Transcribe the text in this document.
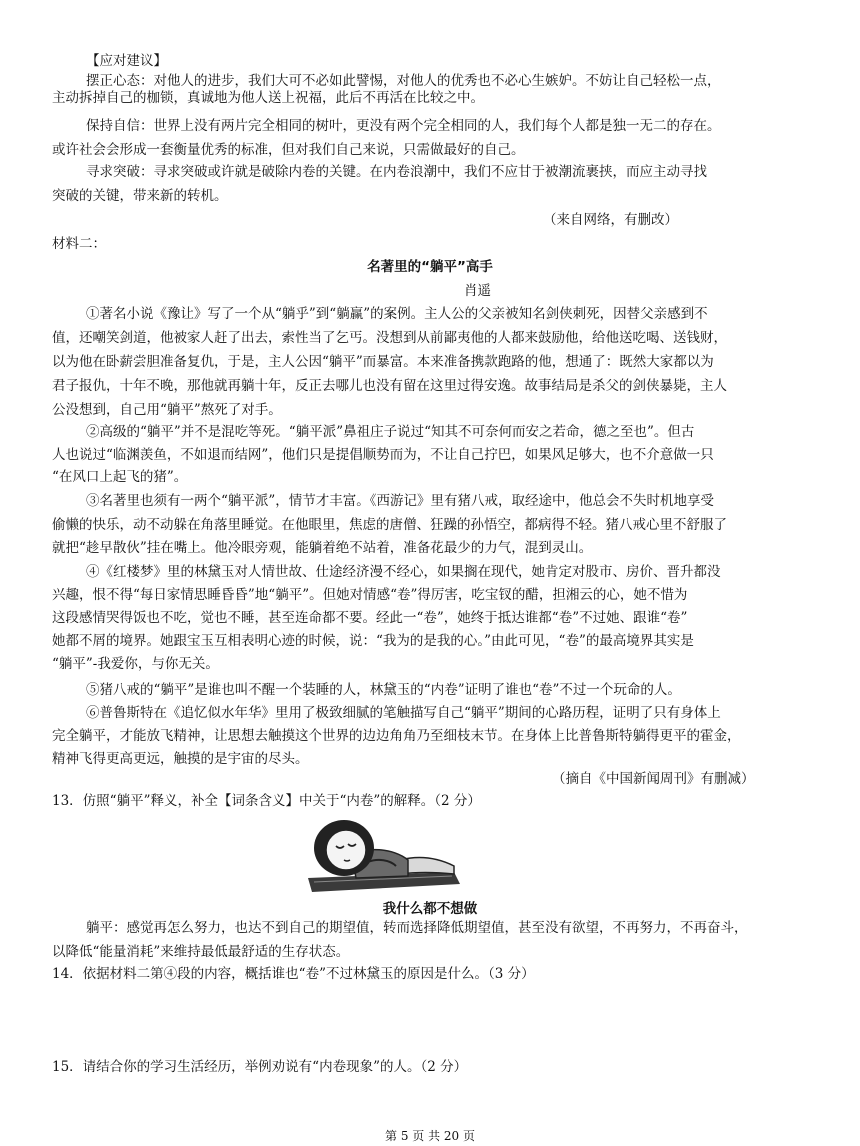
【应对建议】
摆正心态：对他人的进步，我们大可不必如此譬惕，对他人的优秀也不必心生嫉妒。不妨让自己轻松一点，
主动拆掉自己的枷锁，真诚地为他人送上祝福，此后不再活在比较之中。
保持自信：世界上没有两片完全相同的树叶，更没有两个完全相同的人，我们每个人都是独一无二的存在。
或许社会会形成一套衡量优秀的标准，但对我们自己来说，只需做最好的自己。
寻求突破：寻求突破或许就是破除内卷的关键。在内卷浪潮中，我们不应甘于被潮流裹挟，而应主动寻找
突破的关键，带来新的转机。
（来自网络，有删改）
材料二：
名著里的“躺平”高手
肖遥
①著名小说《豫让》写了一个从“躺乎”到“躺赢”的案例。主人公的父亲被知名剑侠刺死，因替父亲感到不
值，还嘲笑剑道，他被家人赶了出去，索性当了乞丐。没想到从前鄙夷他的人都来鼓励他，给他送吃喝、送钱财，
以为他在卧薪尝胆准备复仇，于是，主人公因“躺平”而暴富。本来准备携款跑路的他，想通了：既然大家都以为
君子报仇，十年不晚，那他就再躺十年，反正去哪儿也没有留在这里过得安逸。故事结局是杀父的剑侠暴毙，主人
公没想到，自己用“躺平”熬死了对手。
②高级的“躺平”并不是混吃等死。“躺平派”鼻祖庄子说过“知其不可奈何而安之若命，德之至也”。但古
人也说过“临渊羡鱼，不如退而结网”，他们只是提倡顺势而为，不让自己拧巴，如果风足够大，也不介意做一只
“在风口上起飞的猪”。
③名著里也须有一两个“躺平派”，情节才丰富。《西游记》里有猪八戒，取经途中，他总会不失时机地享受
偷懒的快乐，动不动躲在角落里睡觉。在他眼里，焦虑的唐僧、狂躁的孙悟空，都病得不轻。猪八戒心里不舒服了
就把“趁早散伙”挂在嘴上。他冷眼旁观，能躺着绝不站着，准备花最少的力气，混到灵山。
④《红楼梦》里的林黛玉对人情世故、仕途经济漫不经心，如果搁在现代，她肯定对股市、房价、晋升都没
兴趣，恨不得“每日家情思睡昏昏”地“躺平”。但她对情感“卷”得厉害，吃宝钗的醋，担湘云的心，她不惜为
这段感情哭得饭也不吃，觉也不睡，甚至连命都不要。经此一“卷”，她终于抵达谁都“卷”不过她、跟谁“卷”
她都不屑的境界。她跟宝玉互相表明心迹的时候，说：“我为的是我的心。”由此可见，“卷”的最高境界其实是
“躺平”-我爱你，与你无关。
⑤猪八戒的“躺平”是谁也叫不醒一个装睡的人，林黛玉的“内卷”证明了谁也“卷”不过一个玩命的人。
⑥普鲁斯特在《追忆似水年华》里用了极致细腻的笔触描写自己“躺平”期间的心路历程，证明了只有身体上
完全躺平，才能放飞精神，让思想去触摸这个世界的边边角角乃至细枝末节。在身体上比普鲁斯特躺得更平的霍金，
精神飞得更高更远，触摸的是宇宙的尽头。
（摘自《中国新闻周刊》有删减）
13．仿照“躺平”释义，补全【词条含义】中关于“内卷”的解释。（2 分）
我什么都不想做
躺平：感觉再怎么努力，也达不到自己的期望值，转而选择降低期望值，甚至没有欲望，不再努力，不再奋斗，
以降低“能量消耗”来维持最低最舒适的生存状态。
14．依据材料二第④段的内容，概括谁也“卷”不过林黛玉的原因是什么。（3 分）
15．请结合你的学习生活经历，举例劝说有“内卷现象”的人。（2 分）
第 5 页 共 20 页
